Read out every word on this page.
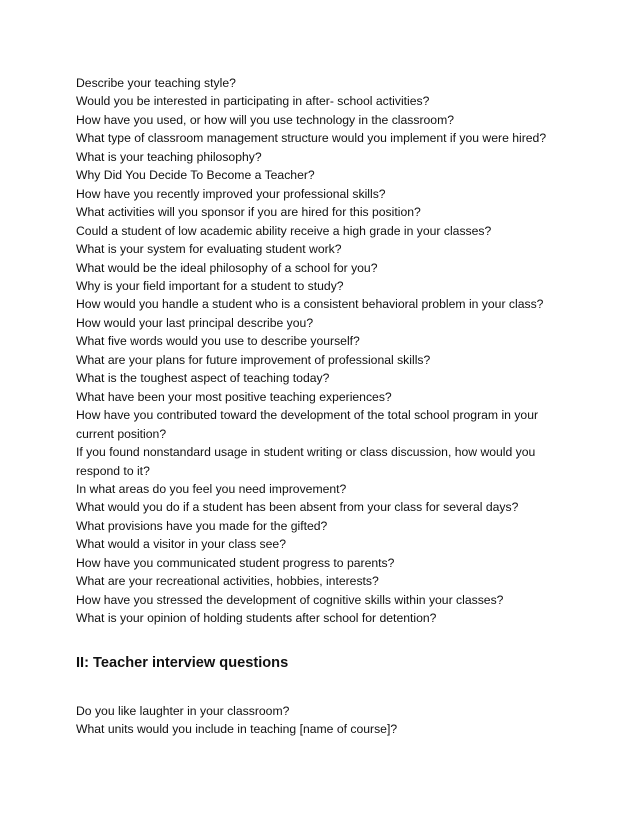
Describe your teaching style?
Would you be interested in participating in after- school activities?
How have you used, or how will you use technology in the classroom?
What type of classroom management structure would you implement if you were hired?
What is your teaching philosophy?
Why Did You Decide To Become a Teacher?
How have you recently improved your professional skills?
What activities will you sponsor if you are hired for this position?
Could a student of low academic ability receive a high grade in your classes?
What is your system for evaluating student work?
What would be the ideal philosophy of a school for you?
Why is your field important for a student to study?
How would you handle a student who is a consistent behavioral problem in your class?
How would your last principal describe you?
What five words would you use to describe yourself?
What are your plans for future improvement of professional skills?
What is the toughest aspect of teaching today?
What have been your most positive teaching experiences?
How have you contributed toward the development of the total school program in your current position?
If you found nonstandard usage in student writing or class discussion, how would you respond to it?
In what areas do you feel you need improvement?
What would you do if a student has been absent from your class for several days?
What provisions have you made for the gifted?
What would a visitor in your class see?
How have you communicated student progress to parents?
What are your recreational activities, hobbies, interests?
How have you stressed the development of cognitive skills within your classes?
What is your opinion of holding students after school for detention?
II: Teacher interview questions
Do you like laughter in your classroom?
What units would you include in teaching [name of course]?
